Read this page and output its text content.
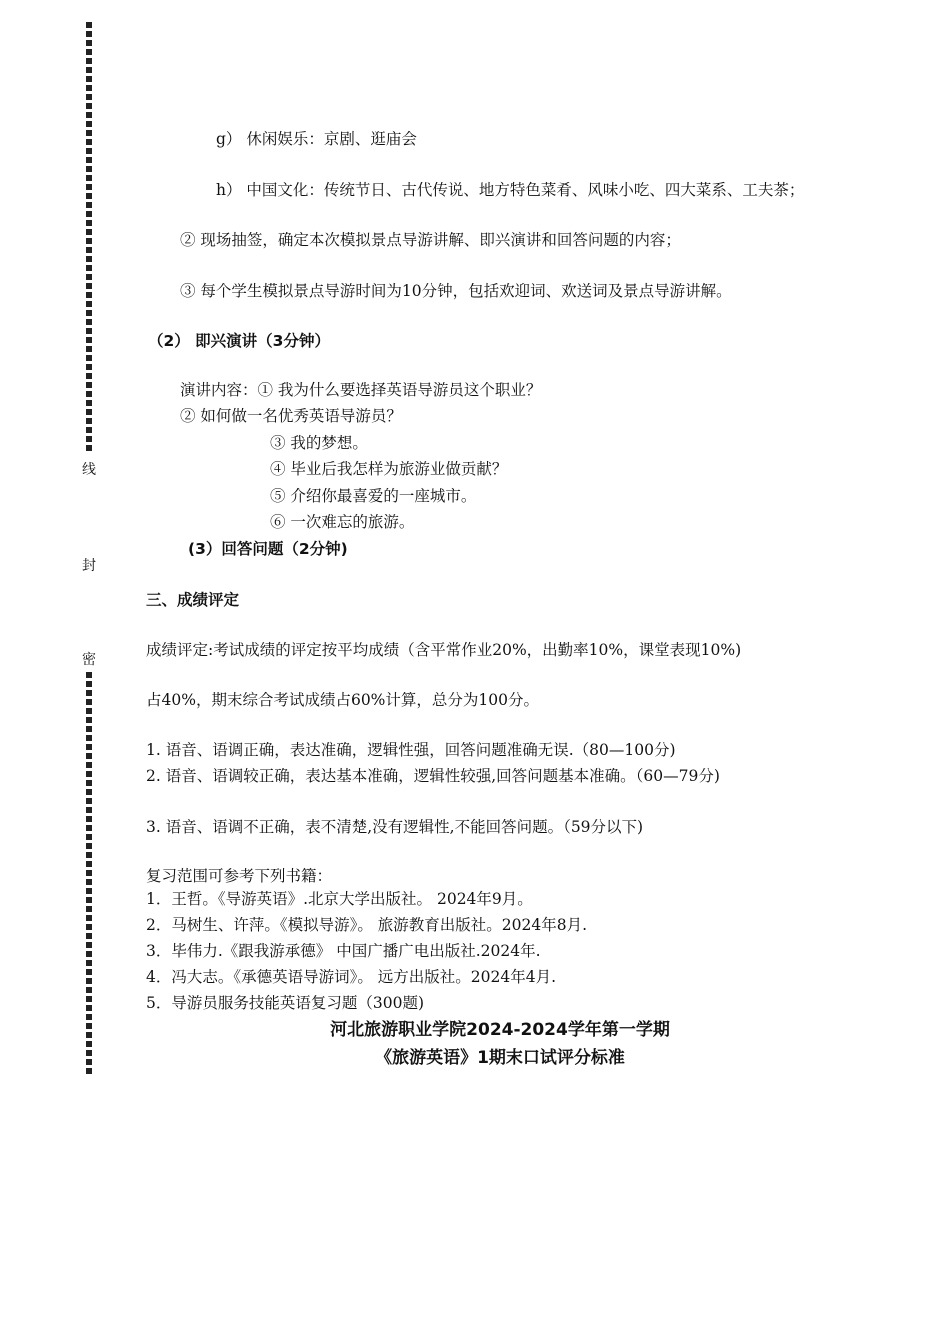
线
封
密
g） 休闲娱乐：京剧、逛庙会
h） 中国文化：传统节日、古代传说、地方特色菜肴、风味小吃、四大菜系、工夫茶；
② 现场抽签，确定本次模拟景点导游讲解、即兴演讲和回答问题的内容；
③ 每个学生模拟景点导游时间为10分钟，包括欢迎词、欢送词及景点导游讲解。
（2） 即兴演讲（3分钟）
演讲内容：① 我为什么要选择英语导游员这个职业？
② 如何做一名优秀英语导游员？
③ 我的梦想。
④ 毕业后我怎样为旅游业做贡献？
⑤ 介绍你最喜爱的一座城市。
⑥ 一次难忘的旅游。
(3）回答问题（2分钟)
三、成绩评定
成绩评定:考试成绩的评定按平均成绩（含平常作业20%，出勤率10%，课堂表现10%)
占40%，期末综合考试成绩占60%计算，总分为100分。
1. 语音、语调正确，表达准确，逻辑性强，回答问题准确无误.（80—100分)
2. 语音、语调较正确，表达基本准确，逻辑性较强,回答问题基本准确。（60—79分)
3. 语音、语调不正确，表不清楚,没有逻辑性,不能回答问题。（59分以下)
复习范围可参考下列书籍：
1．王哲。《导游英语》.北京大学出版社。 2024年9月。
2．马树生、许萍。《模拟导游》。 旅游教育出版社。2024年8月.
3．毕伟力.《跟我游承德》 中国广播广电出版社.2024年.
4．冯大志。《承德英语导游词》。 远方出版社。2024年4月.
5．导游员服务技能英语复习题（300题)
河北旅游职业学院2024-2024学年第一学期
《旅游英语》1期末口试评分标准
